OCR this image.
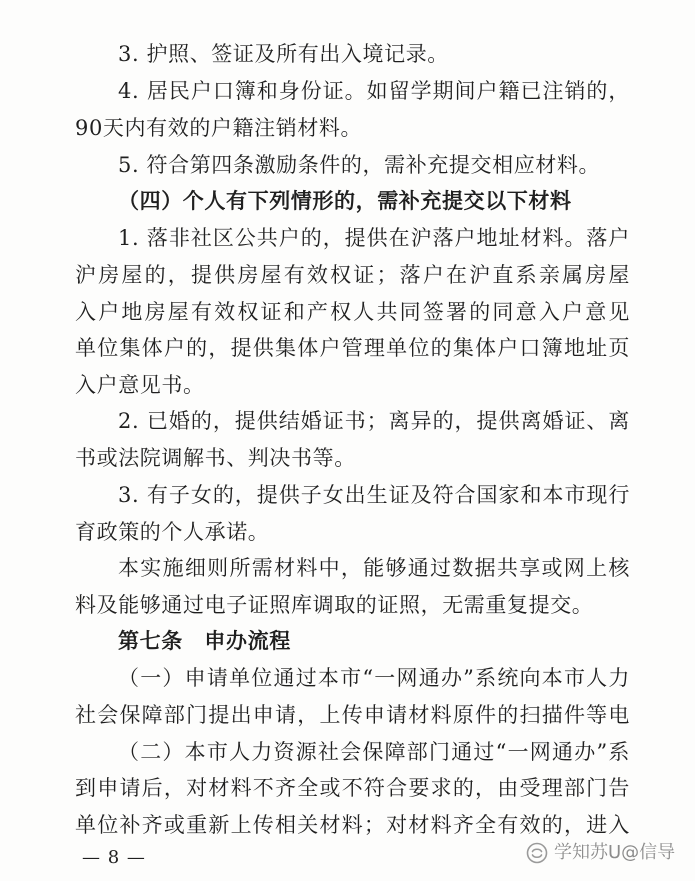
3. 护照、签证及所有出入境记录。
4. 居民户口簿和身份证。如留学期间户籍已注销的，
90天内有效的户籍注销材料。
5. 符合第四条激励条件的，需补充提交相应材料。
（四）个人有下列情形的，需补充提交以下材料
1. 落非社区公共户的，提供在沪落户地址材料。落户
沪房屋的，提供房屋有效权证；落户在沪直系亲属房屋
入户地房屋有效权证和产权人共同签署的同意入户意见
单位集体户的，提供集体户管理单位的集体户口簿地址页
入户意见书。
2. 已婚的，提供结婚证书；离异的，提供离婚证、离
书或法院调解书、判决书等。
3. 有子女的，提供子女出生证及符合国家和本市现行
育政策的个人承诺。
本实施细则所需材料中，能够通过数据共享或网上核
料及能够通过电子证照库调取的证照，无需重复提交。
第七条　申办流程
（一）申请单位通过本市“一网通办”系统向本市人力
社会保障部门提出申请，上传申请材料原件的扫描件等电
（二）本市人力资源社会保障部门通过“一网通办”系
到申请后，对材料不齐全或不符合要求的，由受理部门告
单位补齐或重新上传相关材料；对材料齐全有效的，进入
— 8 —	学知苏U@信导
